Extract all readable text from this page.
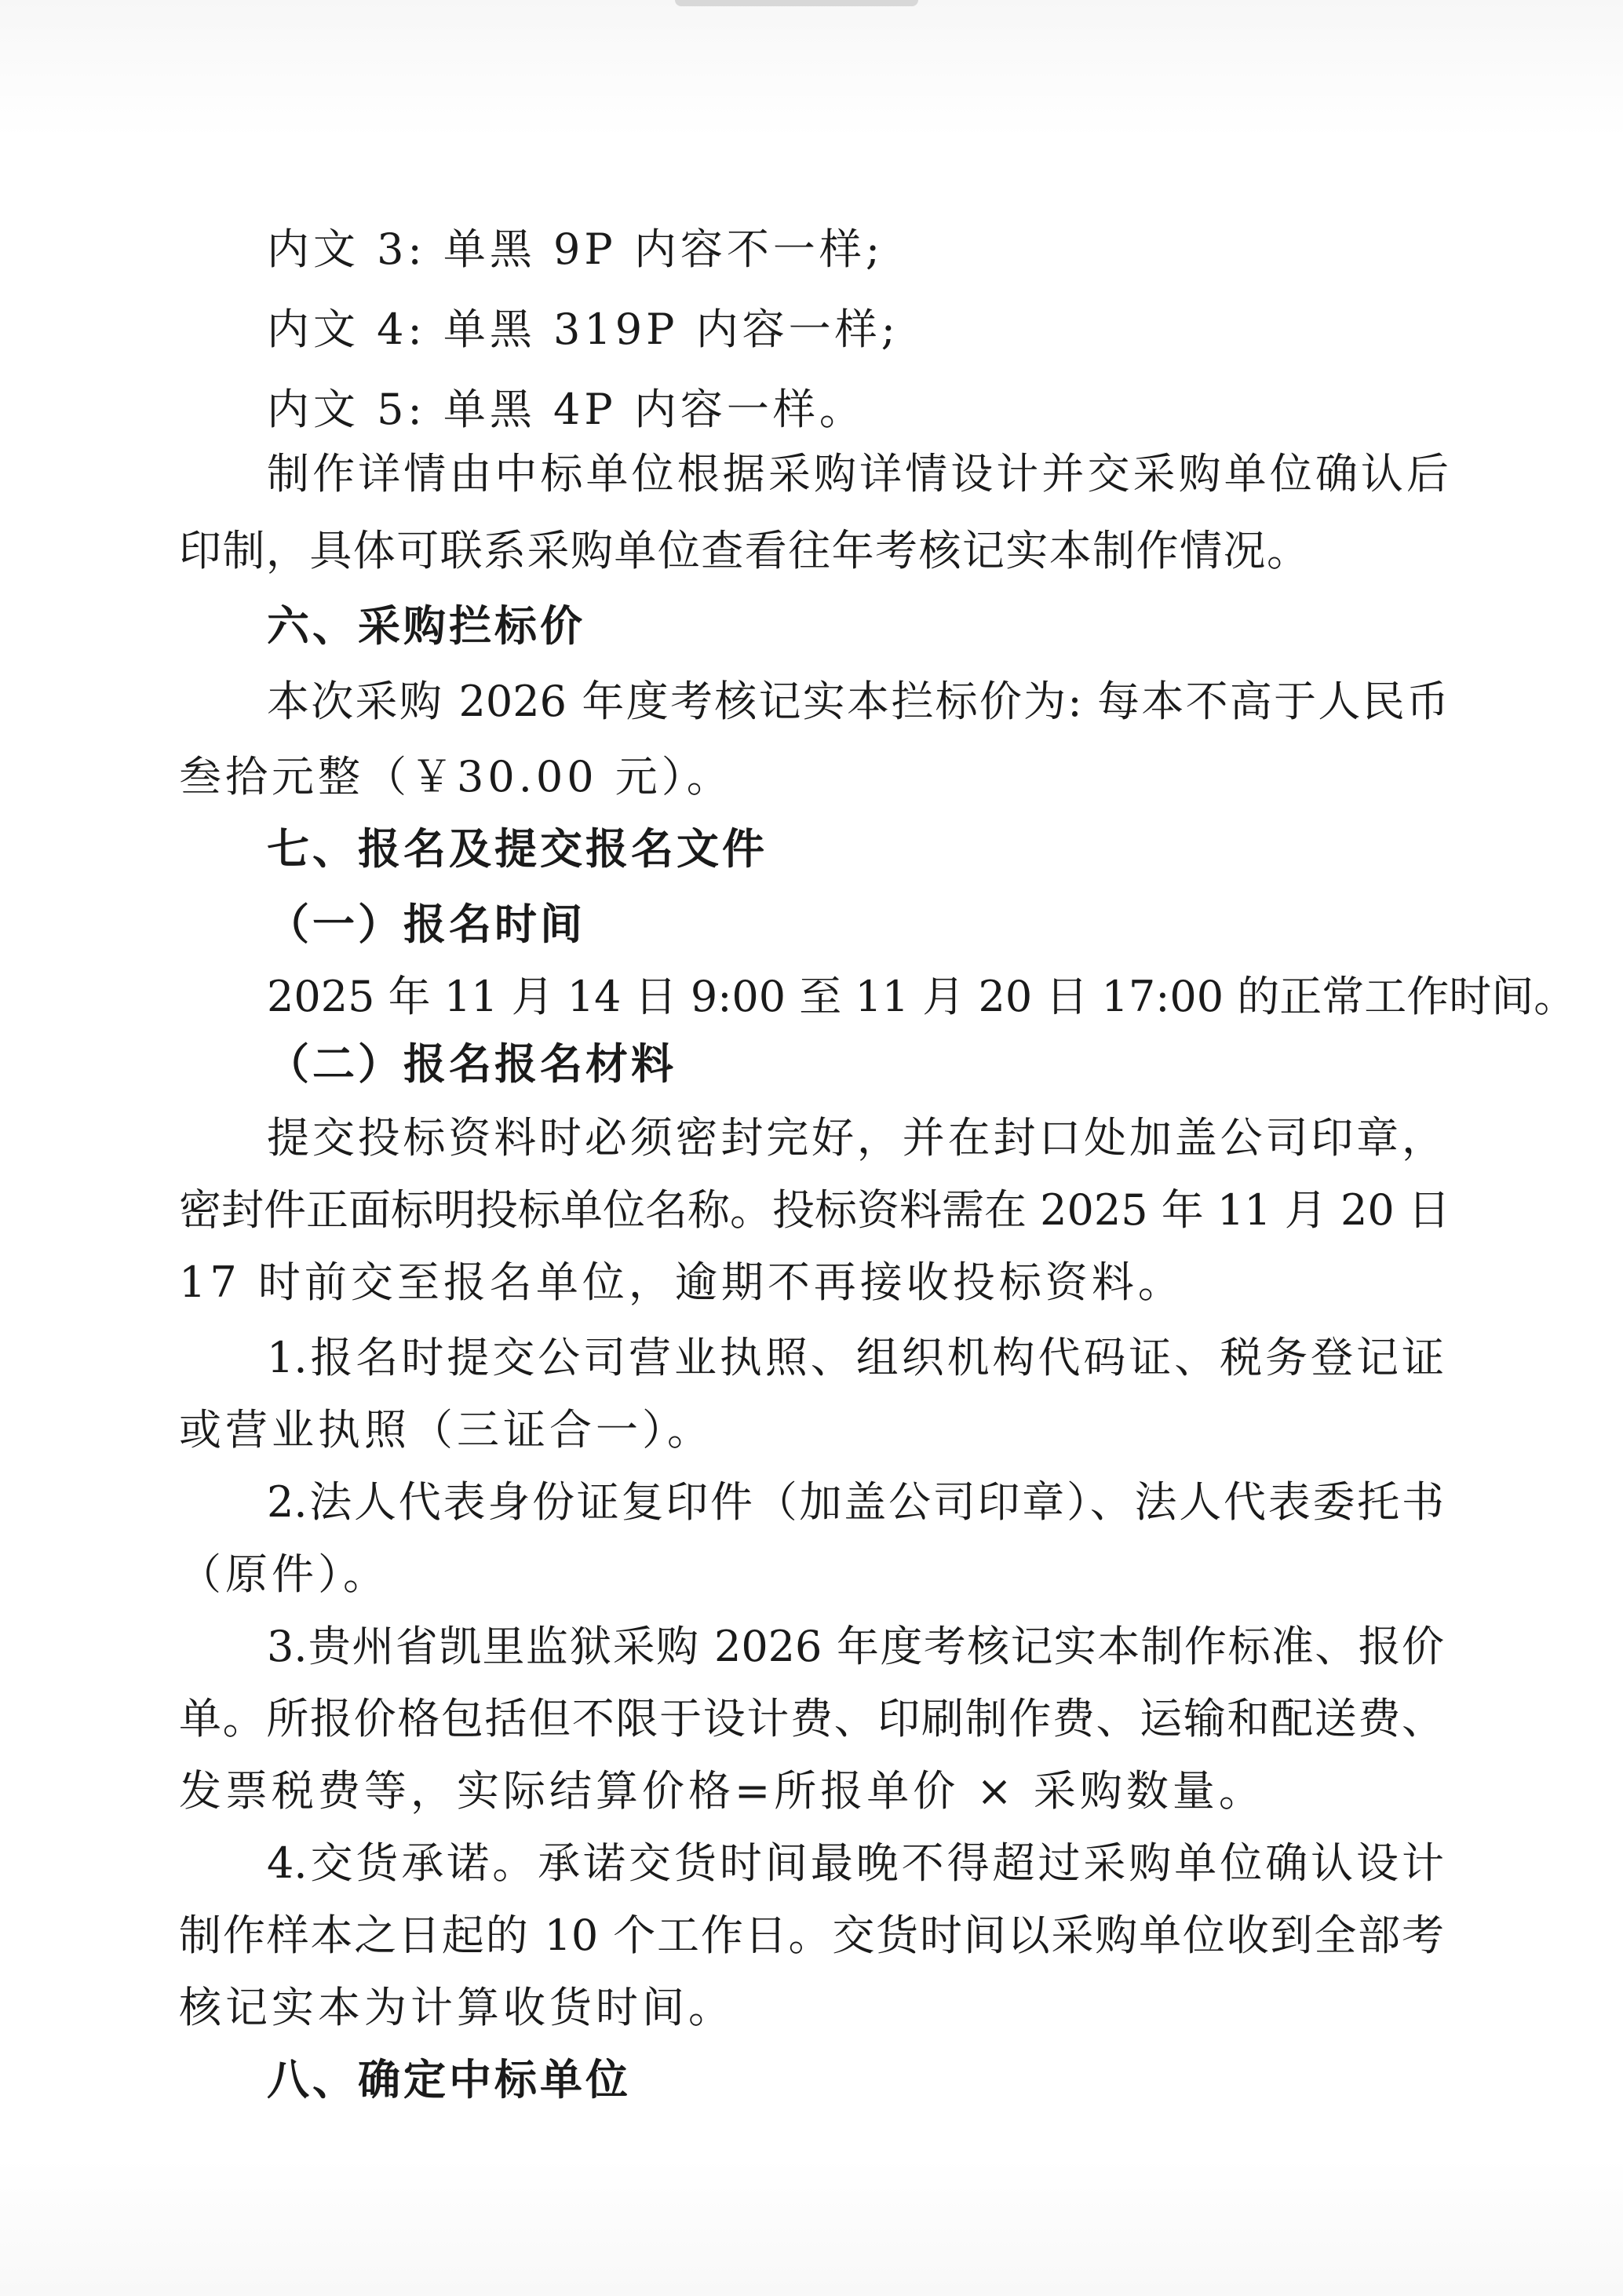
内文 3: 单黑 9P 内容不一样;
内文 4: 单黑 319P 内容一样;
内文 5: 单黑 4P 内容一样。
制作详情由中标单位根据采购详情设计并交采购单位确认后
印制，具体可联系采购单位查看往年考核记实本制作情况。
六、采购拦标价
本次采购 2026 年度考核记实本拦标价为: 每本不高于人民币
叁拾元整（￥30.00 元）。
七、报名及提交报名文件
（一）报名时间
2025 年 11 月 14 日 9:00 至 11 月 20 日 17:00 的正常工作时间。
（二）报名报名材料
提交投标资料时必须密封完好，并在封口处加盖公司印章，
密封件正面标明投标单位名称。投标资料需在 2025 年 11 月 20 日
17 时前交至报名单位，逾期不再接收投标资料。
1.报名时提交公司营业执照、组织机构代码证、税务登记证
或营业执照（三证合一）。
2.法人代表身份证复印件（加盖公司印章）、法人代表委托书
（原件）。
3.贵州省凯里监狱采购 2026 年度考核记实本制作标准、报价
单。所报价格包括但不限于设计费、印刷制作费、运输和配送费、
发票税费等，实际结算价格=所报单价 × 采购数量。
4.交货承诺。承诺交货时间最晚不得超过采购单位确认设计
制作样本之日起的 10 个工作日。交货时间以采购单位收到全部考
核记实本为计算收货时间。
八、确定中标单位
